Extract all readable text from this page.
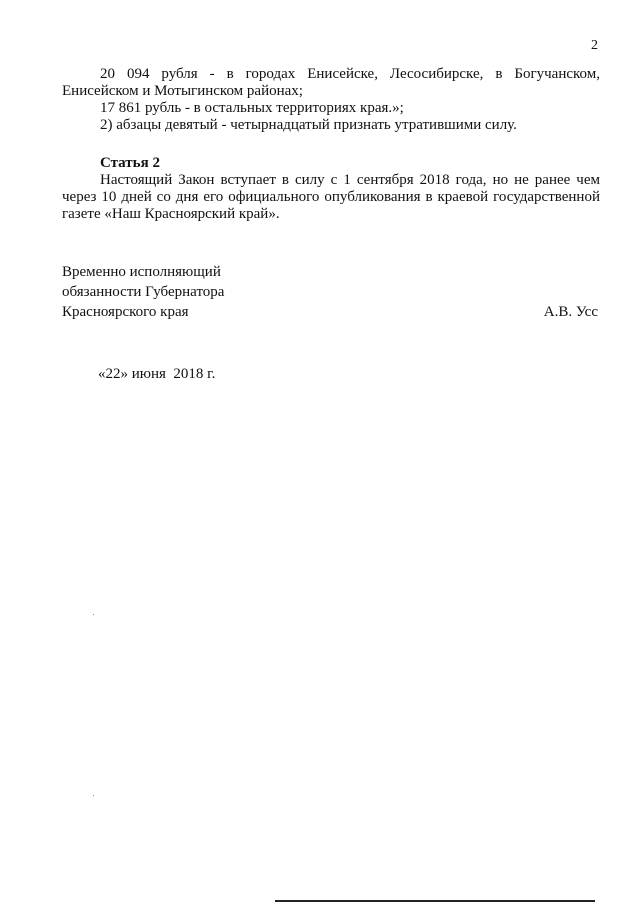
2

20 094 рубля - в городах Енисейске, Лесосибирске, в Богучанском, Енисейском и Мотыгинском районах;

17 861 рубль - в остальных территориях края.»;

2) абзацы девятый - четырнадцатый признать утратившими силу.

Статья 2

Настоящий Закон вступает в силу с 1 сентября 2018 года, но не ранее чем через 10 дней со дня его официального опубликования в краевой государственной газете «Наш Красноярский край».

Временно исполняющий

обязанности Губернатора

Красноярского края	А.В. Усс
«22» июня  2018 г.
